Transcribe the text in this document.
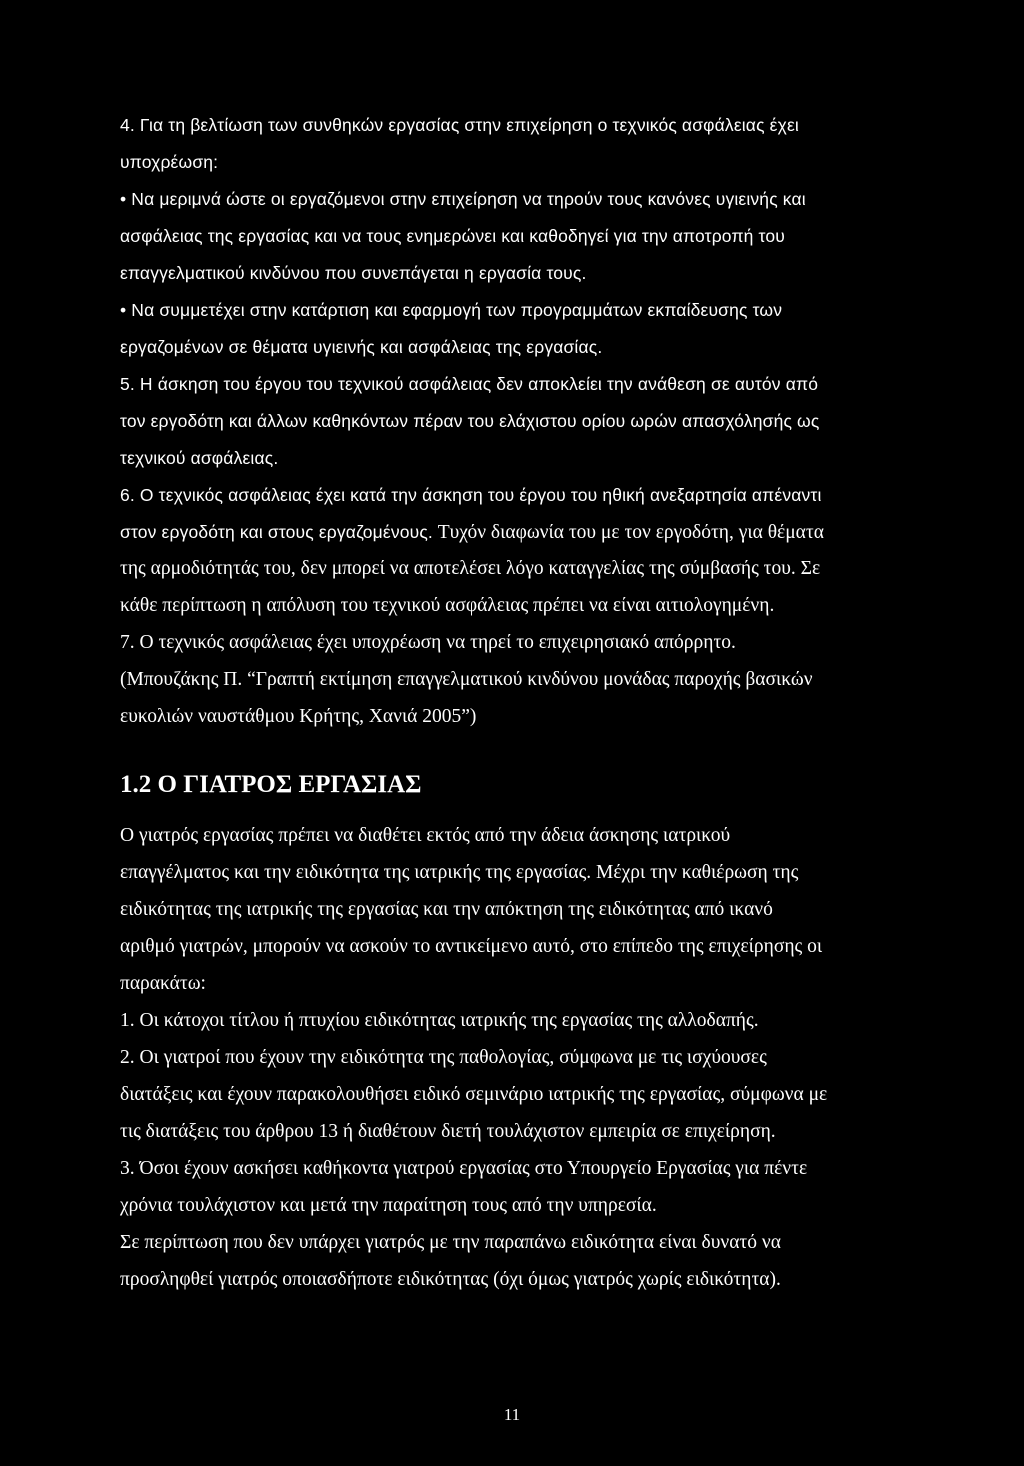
4. Για τη βελτίωση των συνθηκών εργασίας στην επιχείρηση ο τεχνικός ασφάλειας έχει
υποχρέωση:
• Να μεριμνά ώστε οι εργαζόμενοι στην επιχείρηση να τηρούν τους κανόνες υγιεινής και
ασφάλειας της εργασίας και να τους ενημερώνει και καθοδηγεί για την αποτροπή του
επαγγελματικού κινδύνου που συνεπάγεται η εργασία τους.
• Να συμμετέχει στην κατάρτιση και εφαρμογή των προγραμμάτων εκπαίδευσης των
εργαζομένων σε θέματα υγιεινής και ασφάλειας της εργασίας.
5. Η άσκηση του έργου του τεχνικού ασφάλειας δεν αποκλείει την ανάθεση σε αυτόν από
τον εργοδότη και άλλων καθηκόντων πέραν του ελάχιστου ορίου ωρών απασχόλησής ως
τεχνικού ασφάλειας.
6. Ο τεχνικός ασφάλειας έχει κατά την άσκηση του έργου του ηθική ανεξαρτησία απέναντι
στον εργοδότη και στους εργαζομένους. Τυχόν διαφωνία του με τον εργοδότη, για θέματα
της αρμοδιότητάς του, δεν μπορεί να αποτελέσει λόγο καταγγελίας της σύμβασής του. Σε
κάθε περίπτωση η απόλυση του τεχνικού ασφάλειας πρέπει να είναι αιτιολογημένη.
7. Ο τεχνικός ασφάλειας έχει υποχρέωση να τηρεί το επιχειρησιακό απόρρητο.
(Μπουζάκης Π. “Γραπτή εκτίμηση επαγγελματικού κινδύνου μονάδας παροχής βασικών
ευκολιών ναυστάθμου Κρήτης, Χανιά 2005”)
1.2 Ο ΓΙΑΤΡΟΣ ΕΡΓΑΣΙΑΣ
Ο γιατρός εργασίας πρέπει να διαθέτει εκτός από την άδεια άσκησης ιατρικού
επαγγέλματος και την ειδικότητα της ιατρικής της εργασίας. Μέχρι την καθιέρωση της
ειδικότητας της ιατρικής της εργασίας και την απόκτηση της ειδικότητας από ικανό
αριθμό γιατρών, μπορούν να ασκούν το αντικείμενο αυτό, στο επίπεδο της επιχείρησης οι
παρακάτω:
1. Οι κάτοχοι τίτλου ή πτυχίου ειδικότητας ιατρικής της εργασίας της αλλοδαπής.
2. Οι γιατροί που έχουν την ειδικότητα της παθολογίας, σύμφωνα με τις ισχύουσες
διατάξεις και έχουν παρακολουθήσει ειδικό σεμινάριο ιατρικής της εργασίας, σύμφωνα με
τις διατάξεις του άρθρου 13 ή διαθέτουν διετή τουλάχιστον εμπειρία σε επιχείρηση.
3. Όσοι έχουν ασκήσει καθήκοντα γιατρού εργασίας στο Υπουργείο Εργασίας για πέντε
χρόνια τουλάχιστον και μετά την παραίτηση τους από την υπηρεσία.
Σε περίπτωση που δεν υπάρχει γιατρός με την παραπάνω ειδικότητα είναι δυνατό να
προσληφθεί γιατρός οποιασδήποτε ειδικότητας (όχι όμως γιατρός χωρίς ειδικότητα).
11
